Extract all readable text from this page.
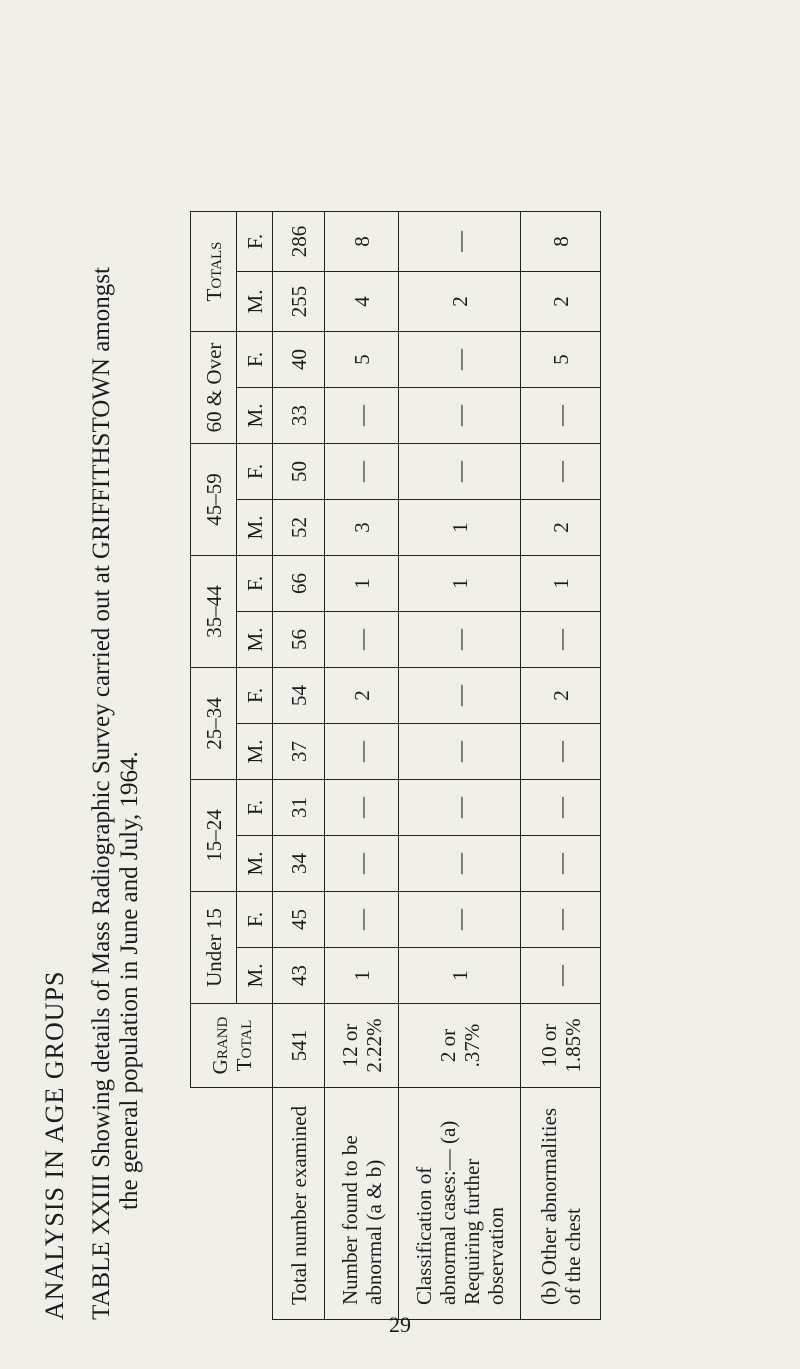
ANALYSIS IN AGE GROUPS TABLE XXIII Showing details of Mass Radiographic Survey carried out at GRIFFITHSTOWN amongst the general population in June and July, 1964.
		Grand Total	Under 15		15–24		25–34		35–44		45–59		60 & Over		Totals	
		M.	F.	M.	F.	M.	F.	M.	F.	M.	F.	M.	F.	M.	F.
Total number examined	541	43	45	34	31	37	54	56	66	52	50	33	40	255	286
Number found to be abnormal (a & b)	12 or 2.22%	1	—	—	—	—	2	—	1	3	—	—	5	4	8
Classification of abnormal cases:— (a) Requiring further observation	2 or .37%	1	—	—	—	—	—	—	1	1	—	—	—	2	—
(b) Other abnormalities of the chest	10 or 1.85%	—	—	—	—	—	2	—	1	2	—	—	5	2	8
29
